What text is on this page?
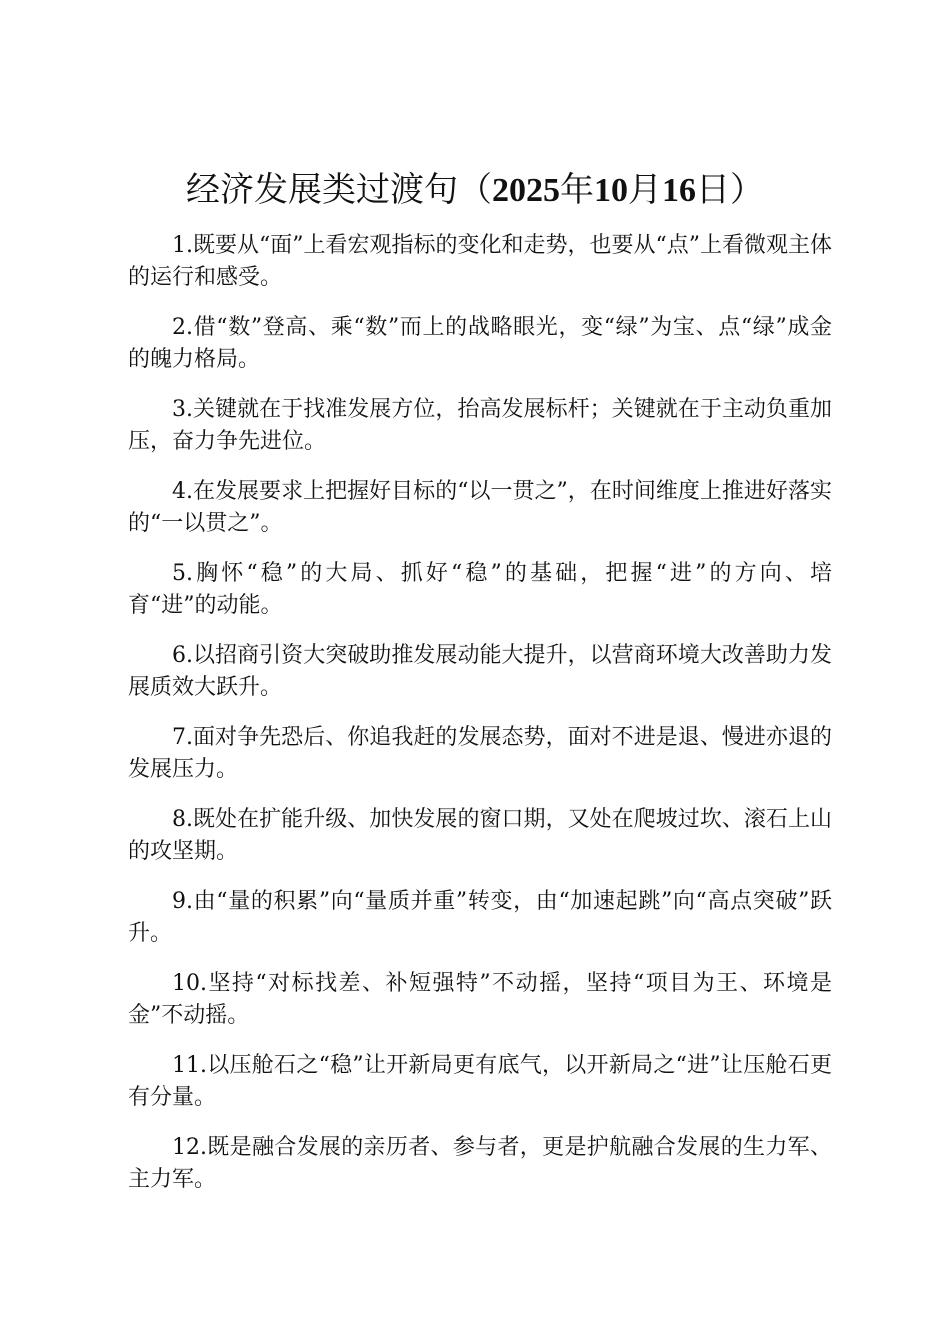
经济发展类过渡句（2025年10月16日）

1.既要从“面”上看宏观指标的变化和走势，也要从“点”上看微观主体的运行和感受。

2.借“数”登高、乘“数”而上的战略眼光，变“绿”为宝、点“绿”成金的魄力格局。

3.关键就在于找准发展方位，抬高发展标杆；关键就在于主动负重加压，奋力争先进位。

4.在发展要求上把握好目标的“以一贯之”，在时间维度上推进好落实的“一以贯之”。

5.胸怀“稳”的大局、抓好“稳”的基础，把握“进”的方向、培育“进”的动能。

6.以招商引资大突破助推发展动能大提升，以营商环境大改善助力发展质效大跃升。

7.面对争先恐后、你追我赶的发展态势，面对不进是退、慢进亦退的发展压力。

8.既处在扩能升级、加快发展的窗口期，又处在爬坡过坎、滚石上山的攻坚期。

9.由“量的积累”向“量质并重”转变，由“加速起跳”向“高点突破”跃升。

10.坚持“对标找差、补短强特”不动摇，坚持“项目为王、环境是金”不动摇。

11.以压舱石之“稳”让开新局更有底气，以开新局之“进”让压舱石更有分量。

12.既是融合发展的亲历者、参与者，更是护航融合发展的生力军、主力军。
